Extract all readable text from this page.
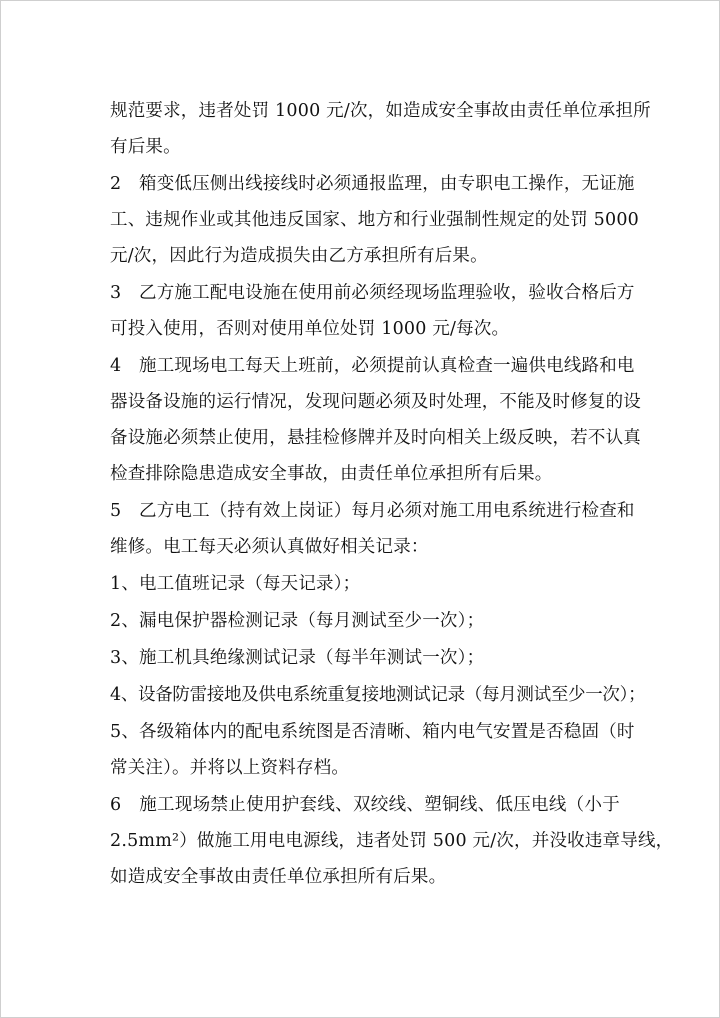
规范要求，违者处罚 1000 元/次，如造成安全事故由责任单位承担所
有后果。
2　箱变低压侧出线接线时必须通报监理，由专职电工操作，无证施
工、违规作业或其他违反国家、地方和行业强制性规定的处罚 5000
元/次，因此行为造成损失由乙方承担所有后果。
3　乙方施工配电设施在使用前必须经现场监理验收，验收合格后方
可投入使用，否则对使用单位处罚 1000 元/每次。
4　施工现场电工每天上班前，必须提前认真检查一遍供电线路和电
器设备设施的运行情况，发现问题必须及时处理，不能及时修复的设
备设施必须禁止使用，悬挂检修牌并及时向相关上级反映，若不认真
检查排除隐患造成安全事故，由责任单位承担所有后果。
5　乙方电工（持有效上岗证）每月必须对施工用电系统进行检查和
维修。电工每天必须认真做好相关记录：
1、电工值班记录（每天记录）；
2、漏电保护器检测记录（每月测试至少一次）；
3、施工机具绝缘测试记录（每半年测试一次）；
4、设备防雷接地及供电系统重复接地测试记录（每月测试至少一次）；
5、各级箱体内的配电系统图是否清晰、箱内电气安置是否稳固（时
常关注）。并将以上资料存档。
6　施工现场禁止使用护套线、双绞线、塑铜线、低压电线（小于
2.5mm²）做施工用电电源线，违者处罚 500 元/次，并没收违章导线，
如造成安全事故由责任单位承担所有后果。
